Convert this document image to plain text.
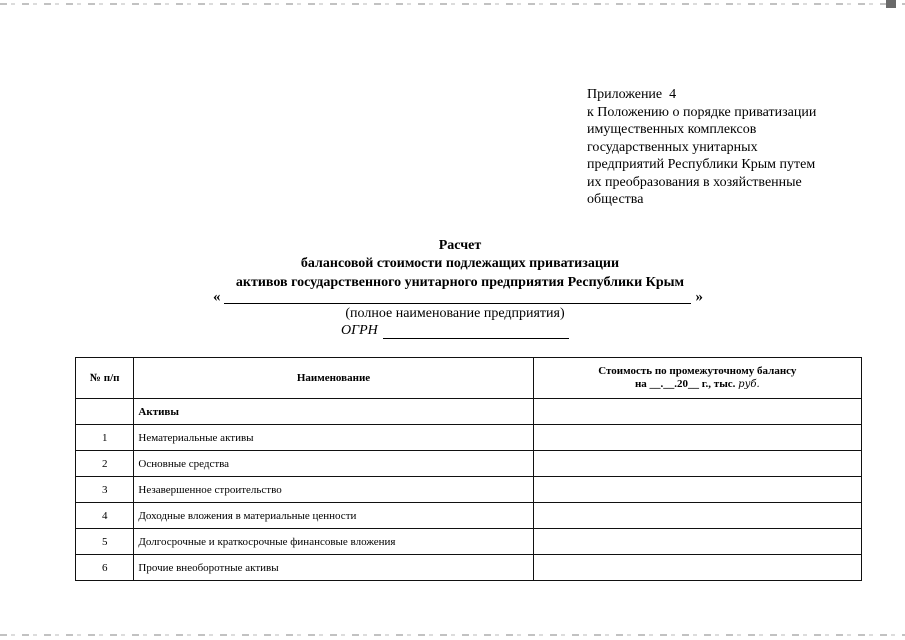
Приложение  4
к Положению о порядке приватизации
имущественных комплексов
государственных унитарных
предприятий Республики Крым путем
их преобразования в хозяйственные
общества
Расчет
балансовой стоимости подлежащих приватизации
активов государственного унитарного предприятия Республики Крым
«	»
(полное наименование предприятия)
ОГРН
№ п/п	Наименование	Стоимость по промежуточному балансу
на __.__.20__ г., тыс. руб.

	Активы	
1	Нематериальные активы	
2	Основные средства	
3	Незавершенное строительство	
4	Доходные вложения в материальные ценности	
5	Долгосрочные и краткосрочные финансовые вложения	
6	Прочие внеоборотные активы	
